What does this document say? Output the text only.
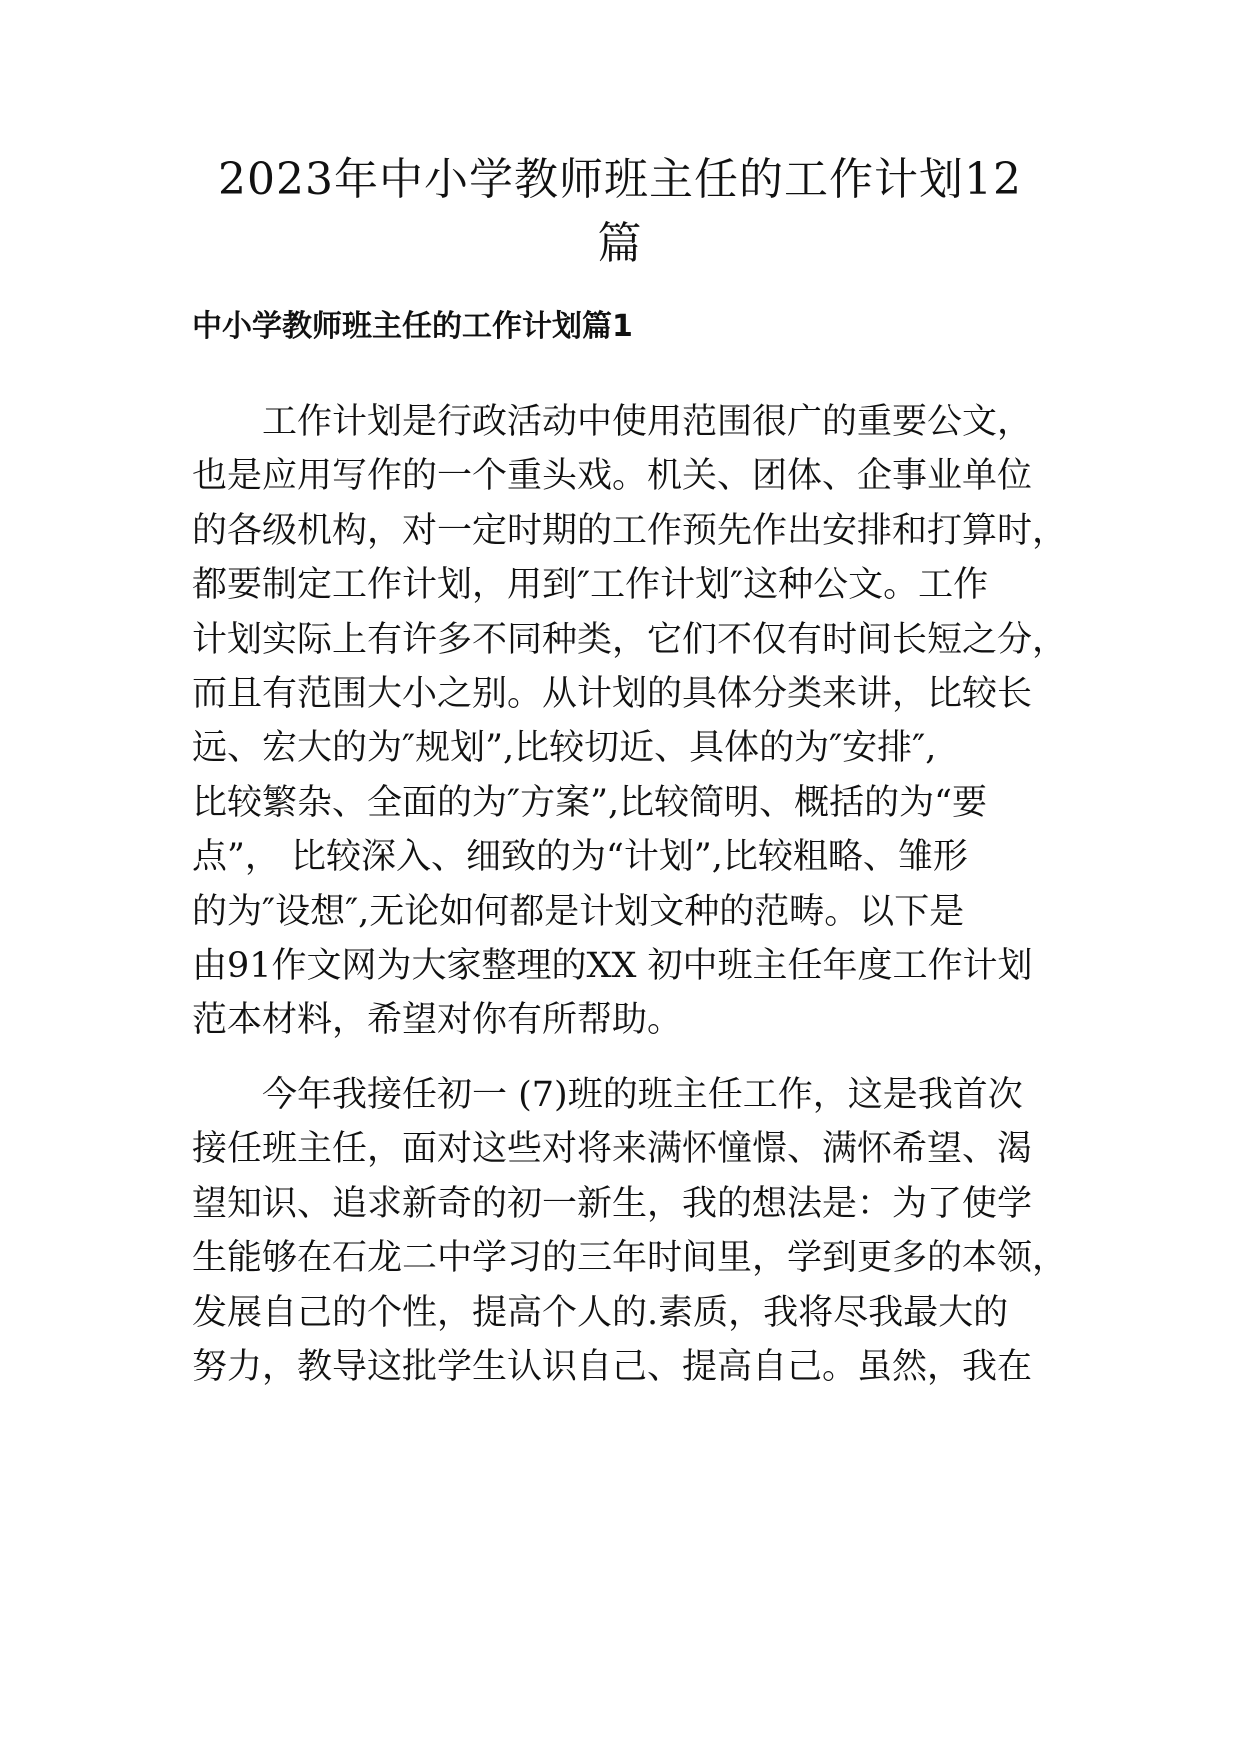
2023年中小学教师班主任的工作计划12
篇
中小学教师班主任的工作计划篇1
工作计划是行政活动中使用范围很广的重要公文，
也是应用写作的一个重头戏。机关、团体、企事业单位
的各级机构，对一定时期的工作预先作出安排和打算时，
都要制定工作计划，用到″工作计划″这种公文。工作
计划实际上有许多不同种类，它们不仅有时间长短之分，
而且有范围大小之别。从计划的具体分类来讲，比较长
远、宏大的为″规划”,比较切近、具体的为″安排″,
比较繁杂、全面的为″方案”,比较简明、概括的为“要
点”， 比较深入、细致的为“计划”,比较粗略、雏形
的为″设想″,无论如何都是计划文种的范畴。以下是
由91作文网为大家整理的XX 初中班主任年度工作计划
范本材料，希望对你有所帮助。
今年我接任初一 (7)班的班主任工作，这是我首次
接任班主任，面对这些对将来满怀憧憬、满怀希望、渴
望知识、追求新奇的初一新生，我的想法是：为了使学
生能够在石龙二中学习的三年时间里，学到更多的本领，
发展自己的个性，提高个人的.素质，我将尽我最大的
努力，教导这批学生认识自己、提高自己。虽然，我在
